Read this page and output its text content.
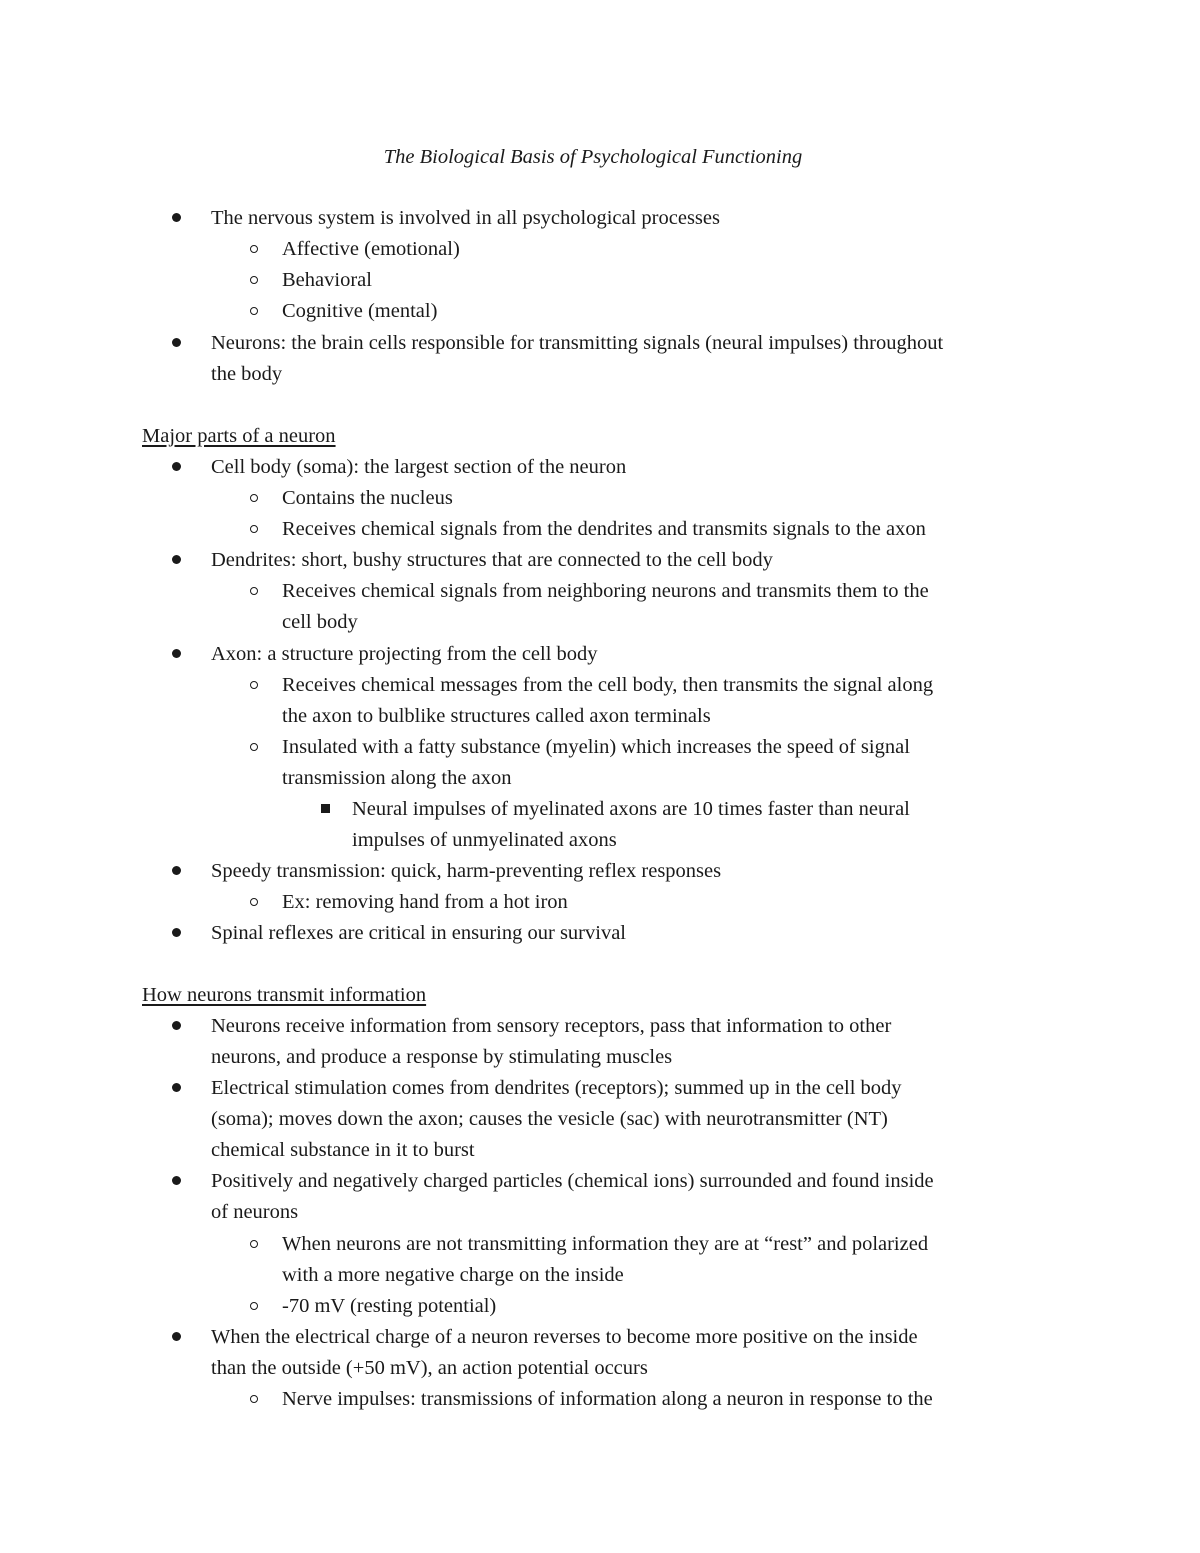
The Biological Basis of Psychological Functioning
The nervous system is involved in all psychological processes
Affective (emotional)
Behavioral
Cognitive (mental)
Neurons: the brain cells responsible for transmitting signals (neural impulses) throughout
the body
Major parts of a neuron
Cell body (soma): the largest section of the neuron
Contains the nucleus
Receives chemical signals from the dendrites and transmits signals to the axon
Dendrites: short, bushy structures that are connected to the cell body
Receives chemical signals from neighboring neurons and transmits them to the
cell body
Axon: a structure projecting from the cell body
Receives chemical messages from the cell body, then transmits the signal along
the axon to bulblike structures called axon terminals
Insulated with a fatty substance (myelin) which increases the speed of signal
transmission along the axon
Neural impulses of myelinated axons are 10 times faster than neural
impulses of unmyelinated axons
Speedy transmission: quick, harm-preventing reflex responses
Ex: removing hand from a hot iron
Spinal reflexes are critical in ensuring our survival
How neurons transmit information
Neurons receive information from sensory receptors, pass that information to other
neurons, and produce a response by stimulating muscles
Electrical stimulation comes from dendrites (receptors); summed up in the cell body
(soma); moves down the axon; causes the vesicle (sac) with neurotransmitter (NT)
chemical substance in it to burst
Positively and negatively charged particles (chemical ions) surrounded and found inside
of neurons
When neurons are not transmitting information they are at “rest” and polarized
with a more negative charge on the inside
-70 mV (resting potential)
When the electrical charge of a neuron reverses to become more positive on the inside
than the outside (+50 mV), an action potential occurs
Nerve impulses: transmissions of information along a neuron in response to the
